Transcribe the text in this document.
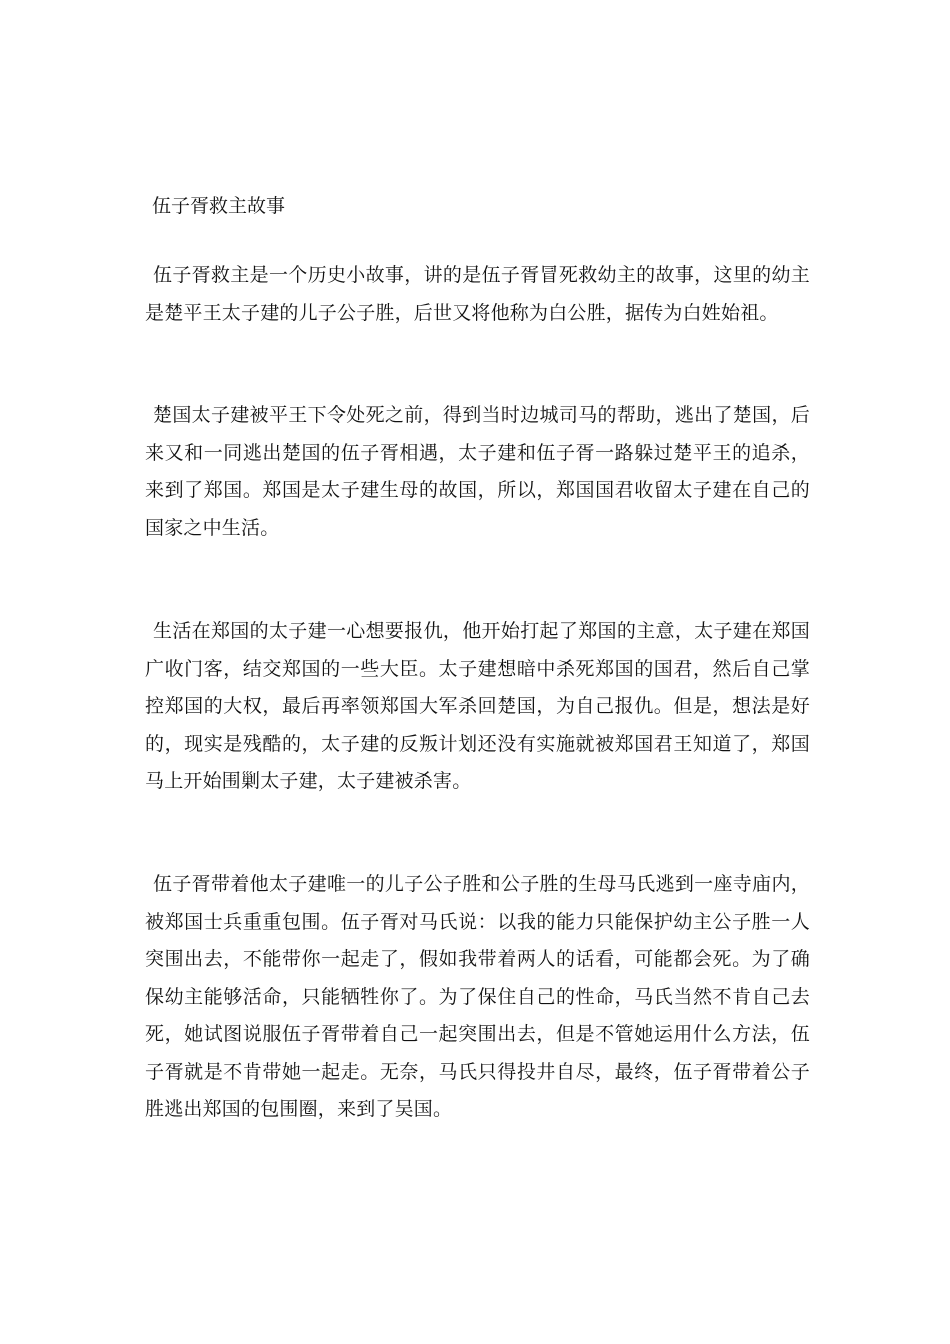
伍子胥救主故事

伍子胥救主是一个历史小故事，讲的是伍子胥冒死救幼主的故事，这里的幼主是楚平王太子建的儿子公子胜，后世又将他称为白公胜，据传为白姓始祖。

楚国太子建被平王下令处死之前，得到当时边城司马的帮助，逃出了楚国，后来又和一同逃出楚国的伍子胥相遇，太子建和伍子胥一路躲过楚平王的追杀，来到了郑国。郑国是太子建生母的故国，所以，郑国国君收留太子建在自己的国家之中生活。

生活在郑国的太子建一心想要报仇，他开始打起了郑国的主意，太子建在郑国广收门客，结交郑国的一些大臣。太子建想暗中杀死郑国的国君，然后自己掌控郑国的大权，最后再率领郑国大军杀回楚国，为自己报仇。但是，想法是好的，现实是残酷的，太子建的反叛计划还没有实施就被郑国君王知道了，郑国马上开始围剿太子建，太子建被杀害。

伍子胥带着他太子建唯一的儿子公子胜和公子胜的生母马氏逃到一座寺庙内，被郑国士兵重重包围。伍子胥对马氏说：以我的能力只能保护幼主公子胜一人突围出去，不能带你一起走了，假如我带着两人的话看，可能都会死。为了确保幼主能够活命，只能牺牲你了。为了保住自己的性命，马氏当然不肯自己去死，她试图说服伍子胥带着自己一起突围出去，但是不管她运用什么方法，伍子胥就是不肯带她一起走。无奈，马氏只得投井自尽，最终，伍子胥带着公子胜逃出郑国的包围圈，来到了吴国。
